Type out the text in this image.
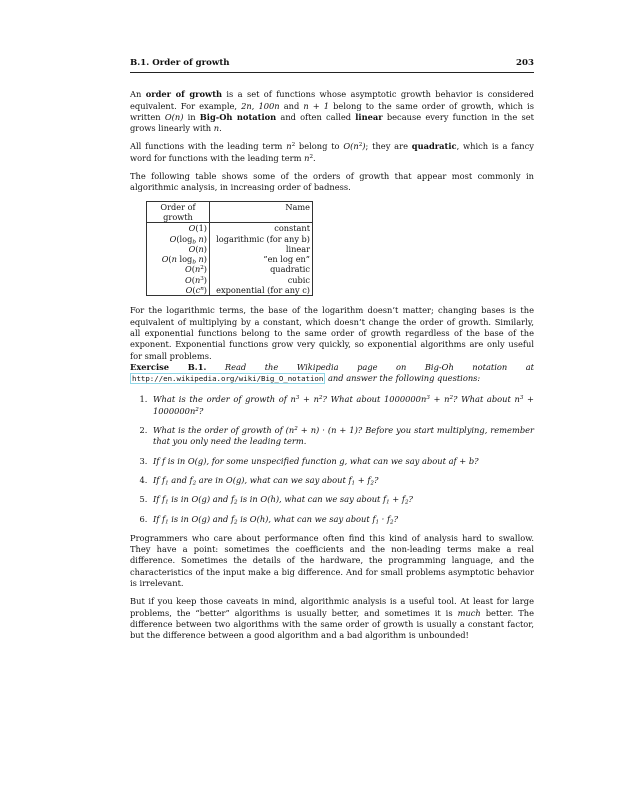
B.1. Order of growth	203

An order of growth is a set of functions whose asymptotic growth behavior is considered equivalent. For example, 2n, 100n and n + 1 belong to the same order of growth, which is written O(n) in Big-Oh notation and often called linear because every function in the set grows linearly with n.

All functions with the leading term $n^2$ belong to $O(n^2)$; they are quadratic, which is a fancy word for functions with the leading term $n^2$.

The following table shows some of the orders of growth that appear most commonly in algorithmic analysis, in increasing order of badness.

Order of growth	Name
O(1)	constant
$O(\log_b$ n)	logarithmic (for any b)
O(n)	linear
O(n $\log_b n$)	”en log en”
$O(n^2)$	quadratic
$O(n^3)$	cubic
$O(c^n)$	exponential (for any c)

For the logarithmic terms, the base of the logarithm doesn’t matter; changing bases is the equivalent of multiplying by a constant, which doesn’t change the order of growth. Similarly, all exponential functions belong to the same order of growth regardless of the base of the exponent. Exponential functions grow very quickly, so exponential algorithms are only useful for small problems.

Exercise B.1. Read the Wikipedia page on Big-Oh notation at http://en.wikipedia.org/wiki/Big_O_notation and answer the following questions:

1. What is the order of growth of $n^3 + n^2$? What about $1000000n^3 + n^2$? What about $n^3 + 1000000n^2$?
2. What is the order of growth of $(n^2 + n) \cdot (n + 1)$? Before you start multiplying, remember that you only need the leading term.
3. If f is in O(g), for some unspecified function g, what can we say about af + b?
4. If $f_1$ and $f_2$ are in O(g), what can we say about $f_1 + f_2$?
5. If $f_1$ is in O(g) and $f_2$ is in O(h), what can we say about $f_1 + f_2$?
6. If $f_1$ is in O(g) and $f_2$ is O(h), what can we say about $f_1 \cdot f_2$?

Programmers who care about performance often find this kind of analysis hard to swallow. They have a point: sometimes the coefficients and the non-leading terms make a real difference. Sometimes the details of the hardware, the programming language, and the characteristics of the input make a big difference. And for small problems asymptotic behavior is irrelevant.

But if you keep those caveats in mind, algorithmic analysis is a useful tool. At least for large problems, the “better” algorithms is usually better, and sometimes it is much better. The difference between two algorithms with the same order of growth is usually a constant factor, but the difference between a good algorithm and a bad algorithm is unbounded!
